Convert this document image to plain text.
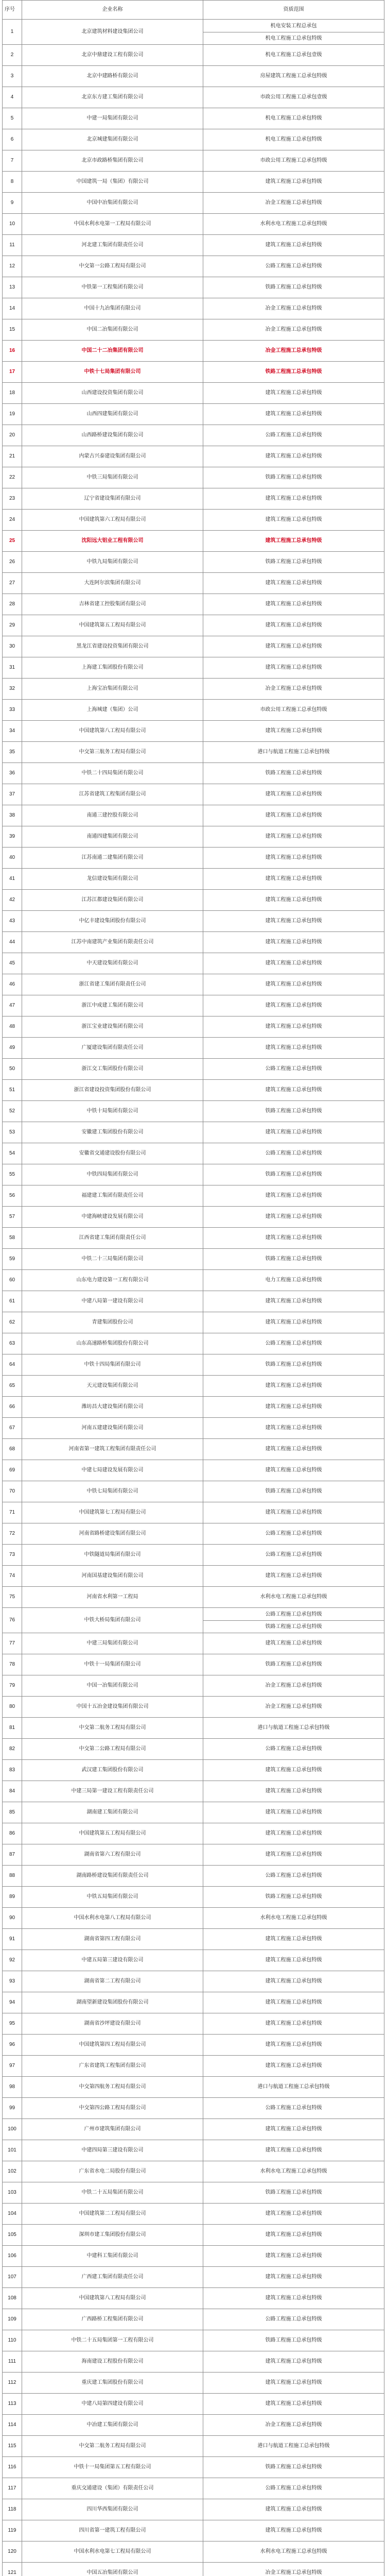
序号	企业名称	资质范围
1	北京建筑材料建设集团公司	机电安装工程总承包
机电工程施工总承包特级

2	北京中鼎建设工程有限公司	机电工程施工总承包壹级
3	北京中建路桥有限公司	房屋建筑工程施工总承包特级
4	北京东方建工集团有限公司	市政公用工程施工总承包壹级
5	中建一局集团有限公司	机电工程施工总承包特级
6	北京城建集团有限公司	机电工程施工总承包特级
7	北京市政路桥集团有限公司	市政公用工程施工总承包特级
8	中国建筑一局（集团）有限公司	建筑工程施工总承包特级
9	中国中冶集团有限公司	冶金工程施工总承包特级
10	中国水利水电第一工程局有限公司	水利水电工程施工总承包特级
11	河北建工集团有限责任公司	建筑工程施工总承包特级
12	中交第一公路工程局有限公司	公路工程施工总承包特级
13	中铁第一工程集团有限公司	铁路工程施工总承包特级
14	中国十九冶集团有限公司	冶金工程施工总承包特级
15	中国二冶集团有限公司	冶金工程施工总承包特级
16	中国二十二冶集团有限公司	冶金工程施工总承包特级
17	中铁十七局集团有限公司	铁路工程施工总承包特级
18	山西建设投资集团有限公司	建筑工程施工总承包特级
19	山西四建集团有限公司	建筑工程施工总承包特级
20	山西路桥建设集团有限公司	公路工程施工总承包特级
21	内蒙古兴泰建设集团有限公司	建筑工程施工总承包特级
22	中铁三局集团有限公司	铁路工程施工总承包特级
23	辽宁省建设集团有限公司	建筑工程施工总承包特级
24	中国建筑第六工程局有限公司	建筑工程施工总承包特级
25	沈阳远大铝业工程有限公司	建筑工程施工总承包特级
26	中铁九局集团有限公司	铁路工程施工总承包特级
27	大连阿尔滨集团有限公司	建筑工程施工总承包特级
28	吉林省建工控股集团有限公司	建筑工程施工总承包特级
29	中国建筑第五工程局有限公司	建筑工程施工总承包特级
30	黑龙江省建设投资集团有限公司	建筑工程施工总承包特级
31	上海建工集团股份有限公司	建筑工程施工总承包特级
32	上海宝冶集团有限公司	冶金工程施工总承包特级
33	上海城建（集团）公司	市政公用工程施工总承包特级
34	中国建筑第八工程局有限公司	建筑工程施工总承包特级
35	中交第三航务工程局有限公司	港口与航道工程施工总承包特级
36	中铁二十四局集团有限公司	铁路工程施工总承包特级
37	江苏省建筑工程集团有限公司	建筑工程施工总承包特级
38	南通三建控股有限公司	建筑工程施工总承包特级
39	南通四建集团有限公司	建筑工程施工总承包特级
40	江苏南通二建集团有限公司	建筑工程施工总承包特级
41	龙信建设集团有限公司	建筑工程施工总承包特级
42	江苏江都建设集团有限公司	建筑工程施工总承包特级
43	中亿丰建设集团股份有限公司	建筑工程施工总承包特级
44	江苏中南建筑产业集团有限责任公司	建筑工程施工总承包特级
45	中天建设集团有限公司	建筑工程施工总承包特级
46	浙江省建工集团有限责任公司	建筑工程施工总承包特级
47	浙江中成建工集团有限公司	建筑工程施工总承包特级
48	浙江宝业建设集团有限公司	建筑工程施工总承包特级
49	广厦建设集团有限责任公司	建筑工程施工总承包特级
50	浙江交工集团股份有限公司	公路工程施工总承包特级
51	浙江省建设投资集团股份有限公司	建筑工程施工总承包特级
52	中铁十局集团有限公司	铁路工程施工总承包特级
53	安徽建工集团股份有限公司	建筑工程施工总承包特级
54	安徽省交通建设股份有限公司	公路工程施工总承包特级
55	中铁四局集团有限公司	铁路工程施工总承包特级
56	福建建工集团有限责任公司	建筑工程施工总承包特级
57	中建海峡建设发展有限公司	建筑工程施工总承包特级
58	江西省建工集团有限责任公司	建筑工程施工总承包特级
59	中铁二十三局集团有限公司	铁路工程施工总承包特级
60	山东电力建设第一工程有限公司	电力工程施工总承包特级
61	中建八局第一建设有限公司	建筑工程施工总承包特级
62	青建集团股份公司	建筑工程施工总承包特级
63	山东高速路桥集团股份有限公司	公路工程施工总承包特级
64	中铁十四局集团有限公司	铁路工程施工总承包特级
65	天元建设集团有限公司	建筑工程施工总承包特级
66	潍坊昌大建设集团有限公司	建筑工程施工总承包特级
67	河南五建建设集团有限公司	建筑工程施工总承包特级
68	河南省第一建筑工程集团有限责任公司	建筑工程施工总承包特级
69	中建七局建设发展有限公司	建筑工程施工总承包特级
70	中铁七局集团有限公司	铁路工程施工总承包特级
71	中国建筑第七工程局有限公司	建筑工程施工总承包特级
72	河南省路桥建设集团有限公司	公路工程施工总承包特级
73	中铁隧道局集团有限公司	公路工程施工总承包特级
74	河南国基建设集团有限公司	建筑工程施工总承包特级
75	河南省水利第一工程局	水利水电工程施工总承包特级
76	中铁大桥局集团有限公司	公路工程施工总承包特级
铁路工程施工总承包特级

77	中建三局集团有限公司	建筑工程施工总承包特级
78	中铁十一局集团有限公司	铁路工程施工总承包特级
79	中国一冶集团有限公司	冶金工程施工总承包特级
80	中国十五冶金建设集团有限公司	冶金工程施工总承包特级
81	中交第二航务工程局有限公司	港口与航道工程施工总承包特级
82	中交第二公路工程局有限公司	公路工程施工总承包特级
83	武汉建工集团股份有限公司	建筑工程施工总承包特级
84	中建三局第一建设工程有限责任公司	建筑工程施工总承包特级
85	湖南建工集团有限公司	建筑工程施工总承包特级
86	中国建筑第五工程局有限公司	建筑工程施工总承包特级
87	湖南省第六工程有限公司	建筑工程施工总承包特级
88	湖南路桥建设集团有限责任公司	公路工程施工总承包特级
89	中铁五局集团有限公司	铁路工程施工总承包特级
90	中国水利水电第八工程局有限公司	水利水电工程施工总承包特级
91	湖南省第四工程有限公司	建筑工程施工总承包特级
92	中建五局第三建设有限公司	建筑工程施工总承包特级
93	湖南省第二工程有限公司	建筑工程施工总承包特级
94	湖南望新建设集团股份有限公司	建筑工程施工总承包特级
95	湖南省沙坪建设有限公司	建筑工程施工总承包特级
96	中国建筑第四工程局有限公司	建筑工程施工总承包特级
97	广东省建筑工程集团有限公司	建筑工程施工总承包特级
98	中交第四航务工程局有限公司	港口与航道工程施工总承包特级
99	中交第四公路工程局有限公司	公路工程施工总承包特级
100	广州市建筑集团有限公司	建筑工程施工总承包特级
101	中建四局第三建设有限公司	建筑工程施工总承包特级
102	广东省水电二局股份有限公司	水利水电工程施工总承包特级
103	中铁二十五局集团有限公司	铁路工程施工总承包特级
104	中国建筑第二工程局有限公司	建筑工程施工总承包特级
105	深圳市建工集团股份有限公司	建筑工程施工总承包特级
106	中建科工集团有限公司	建筑工程施工总承包特级
107	广西建工集团有限责任公司	建筑工程施工总承包特级
108	中国建筑第八工程局有限公司	建筑工程施工总承包特级
109	广西路桥工程集团有限公司	公路工程施工总承包特级
110	中铁二十五局集团第一工程有限公司	铁路工程施工总承包特级
111	海南建设工程股份有限公司	建筑工程施工总承包特级
112	重庆建工集团股份有限公司	建筑工程施工总承包特级
113	中建八局第四建设有限公司	建筑工程施工总承包特级
114	中冶建工集团有限公司	冶金工程施工总承包特级
115	中交第二航务工程局有限公司	港口与航道工程施工总承包特级
116	中铁十一局集团第五工程有限公司	铁路工程施工总承包特级
117	重庆交通建设（集团）有限责任公司	公路工程施工总承包特级
118	四川华西集团有限公司	建筑工程施工总承包特级
119	四川省第一建筑工程有限公司	建筑工程施工总承包特级
120	中国水利水电第七工程局有限公司	水利水电工程施工总承包特级
121	中国五冶集团有限公司	冶金工程施工总承包特级
